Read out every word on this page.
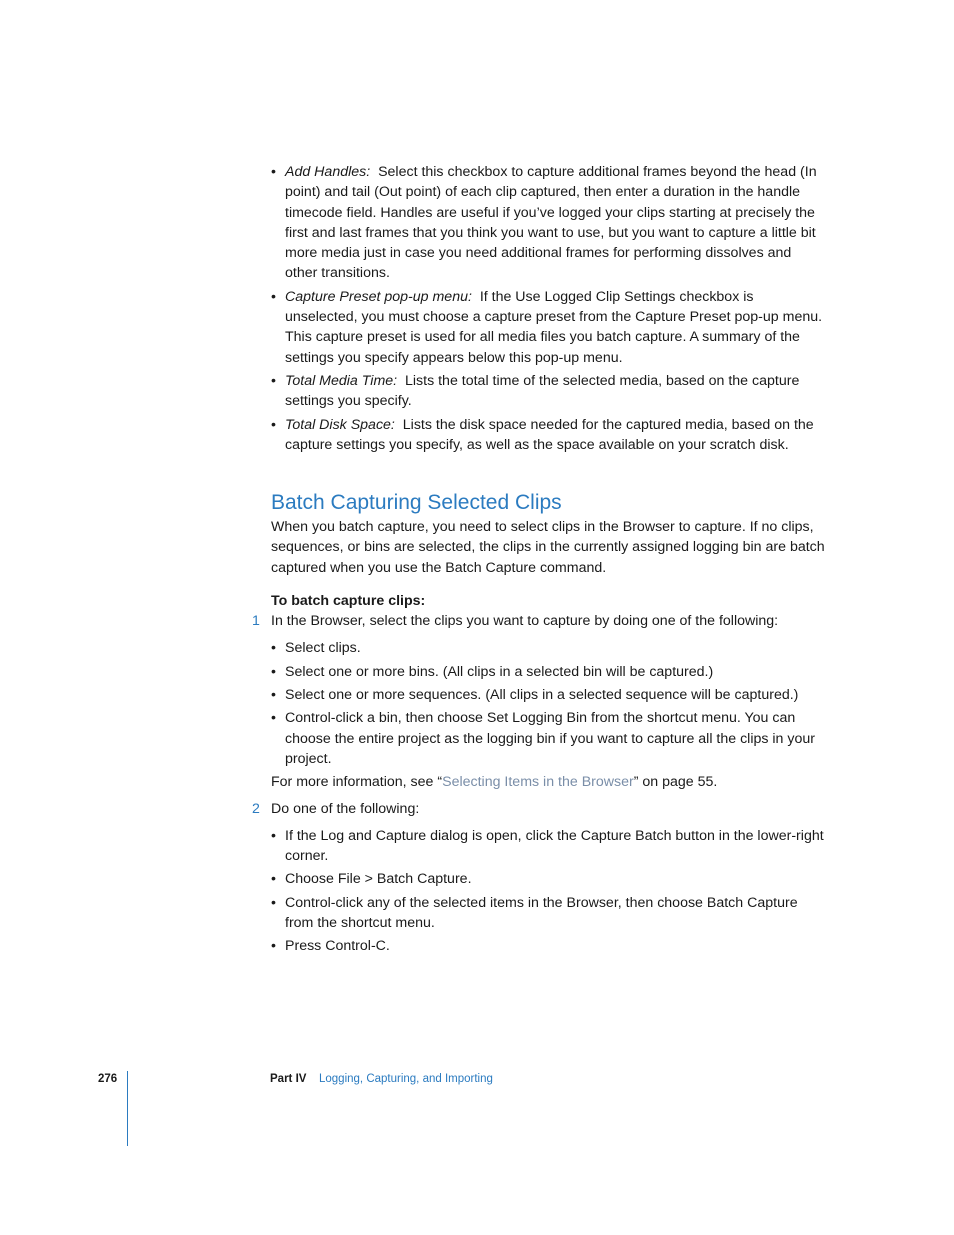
• Add Handles: Select this checkbox to capture additional frames beyond the head (In point) and tail (Out point) of each clip captured, then enter a duration in the handle timecode field. Handles are useful if you’ve logged your clips starting at precisely the first and last frames that you think you want to use, but you want to capture a little bit more media just in case you need additional frames for performing dissolves and other transitions.
• Capture Preset pop-up menu: If the Use Logged Clip Settings checkbox is unselected, you must choose a capture preset from the Capture Preset pop-up menu. This capture preset is used for all media files you batch capture. A summary of the settings you specify appears below this pop-up menu.
• Total Media Time: Lists the total time of the selected media, based on the capture settings you specify.
• Total Disk Space: Lists the disk space needed for the captured media, based on the capture settings you specify, as well as the space available on your scratch disk.
Batch Capturing Selected Clips

When you batch capture, you need to select clips in the Browser to capture. If no clips, sequences, or bins are selected, the clips in the currently assigned logging bin are batch captured when you use the Batch Capture command.

To batch capture clips:

1 In the Browser, select the clips you want to capture by doing one of the following:
• Select clips.
• Select one or more bins. (All clips in a selected bin will be captured.)
• Select one or more sequences. (All clips in a selected sequence will be captured.)
• Control-click a bin, then choose Set Logging Bin from the shortcut menu. You can choose the entire project as the logging bin if you want to capture all the clips in your project.

For more information, see “Selecting Items in the Browser” on page 55.

2 Do one of the following:
• If the Log and Capture dialog is open, click the Capture Batch button in the lower-right corner.
• Choose File > Batch Capture.
• Control-click any of the selected items in the Browser, then choose Batch Capture from the shortcut menu.
• Press Control-C.
276	Part IV Logging, Capturing, and Importing
